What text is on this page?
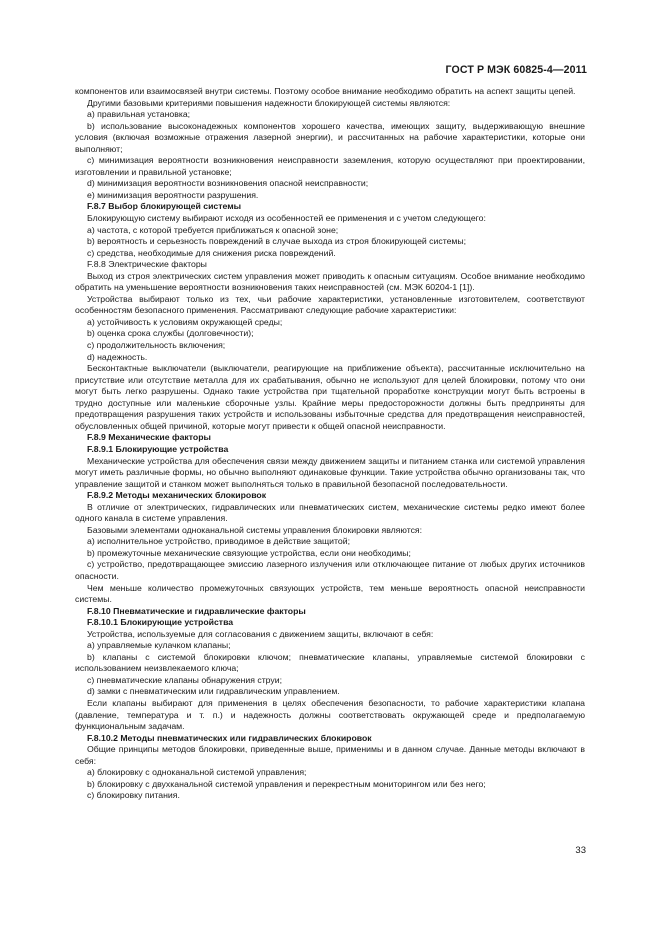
ГОСТ Р МЭК 60825-4—2011

компонентов или взаимосвязей внутри системы. Поэтому особое внимание необходимо обратить на аспект защиты цепей.

Другими базовыми критериями повышения надежности блокирующей системы являются:

а) правильная установка;

b) использование высоконадежных компонентов хорошего качества, имеющих защиту, выдерживающую внешние условия (включая возможные отражения лазерной энергии), и рассчитанных на рабочие характеристики, которые они выполняют;

с) минимизация вероятности возникновения неисправности заземления, которую осуществляют при проектировании, изготовлении и правильной установке;

d) минимизация вероятности возникновения опасной неисправности;

е) минимизация вероятности разрушения.

F.8.7 Выбор блокирующей системы

Блокирующую систему выбирают исходя из особенностей ее применения и с учетом следующего:

а) частота, с которой требуется приближаться к опасной зоне;

b) вероятность и серьезность повреждений в случае выхода из строя блокирующей системы;

с) средства, необходимые для снижения риска повреждений.

F.8.8 Электрические факторы

Выход из строя электрических систем управления может приводить к опасным ситуациям. Особое внимание необходимо обратить на уменьшение вероятности возникновения таких неисправностей (см. МЭК 60204-1 [1]).

Устройства выбирают только из тех, чьи рабочие характеристики, установленные изготовителем, соответствуют особенностям безопасного применения. Рассматривают следующие рабочие характеристики:

а) устойчивость к условиям окружающей среды;

b) оценка срока службы (долговечности);

с) продолжительность включения;

d) надежность.

Бесконтактные выключатели (выключатели, реагирующие на приближение объекта), рассчитанные исключительно на присутствие или отсутствие металла для их срабатывания, обычно не используют для целей блокировки, потому что они могут быть легко разрушены. Однако такие устройства при тщательной проработке конструкции могут быть встроены в трудно доступные или маленькие сборочные узлы. Крайние меры предосторожности должны быть предприняты для предотвращения разрушения таких устройств и использованы избыточные средства для предотвращения неисправностей, обусловленных общей причиной, которые могут привести к общей опасной неисправности.

F.8.9 Механические факторы

F.8.9.1 Блокирующие устройства

Механические устройства для обеспечения связи между движением защиты и питанием станка или системой управления могут иметь различные формы, но обычно выполняют одинаковые функции. Такие устройства обычно организованы так, что управление защитой и станком может выполняться только в правильной безопасной последовательности.

F.8.9.2 Методы механических блокировок

В отличие от электрических, гидравлических или пневматических систем, механические системы редко имеют более одного канала в системе управления.

Базовыми элементами одноканальной системы управления блокировки являются:

а) исполнительное устройство, приводимое в действие защитой;

b) промежуточные механические связующие устройства, если они необходимы;

с) устройство, предотвращающее эмиссию лазерного излучения или отключающее питание от любых других источников опасности.

Чем меньше количество промежуточных связующих устройств, тем меньше вероятность опасной неисправности системы.

F.8.10 Пневматические и гидравлические факторы

F.8.10.1 Блокирующие устройства

Устройства, используемые для согласования с движением защиты, включают в себя:

а) управляемые кулачком клапаны;

b) клапаны с системой блокировки ключом; пневматические клапаны, управляемые системой блокировки с использованием неизвлекаемого ключа;

с) пневматические клапаны обнаружения струи;

d) замки с пневматическим или гидравлическим управлением.

Если клапаны выбирают для применения в целях обеспечения безопасности, то рабочие характеристики клапана (давление, температура и т. п.) и надежность должны соответствовать окружающей среде и предполагаемую функциональным задачам.

F.8.10.2 Методы пневматических или гидравлических блокировок

Общие принципы методов блокировки, приведенные выше, применимы и в данном случае. Данные методы включают в себя:

а) блокировку с одноканальной системой управления;

b) блокировку с двухканальной системой управления и перекрестным мониторингом или без него;

с) блокировку питания.

33
